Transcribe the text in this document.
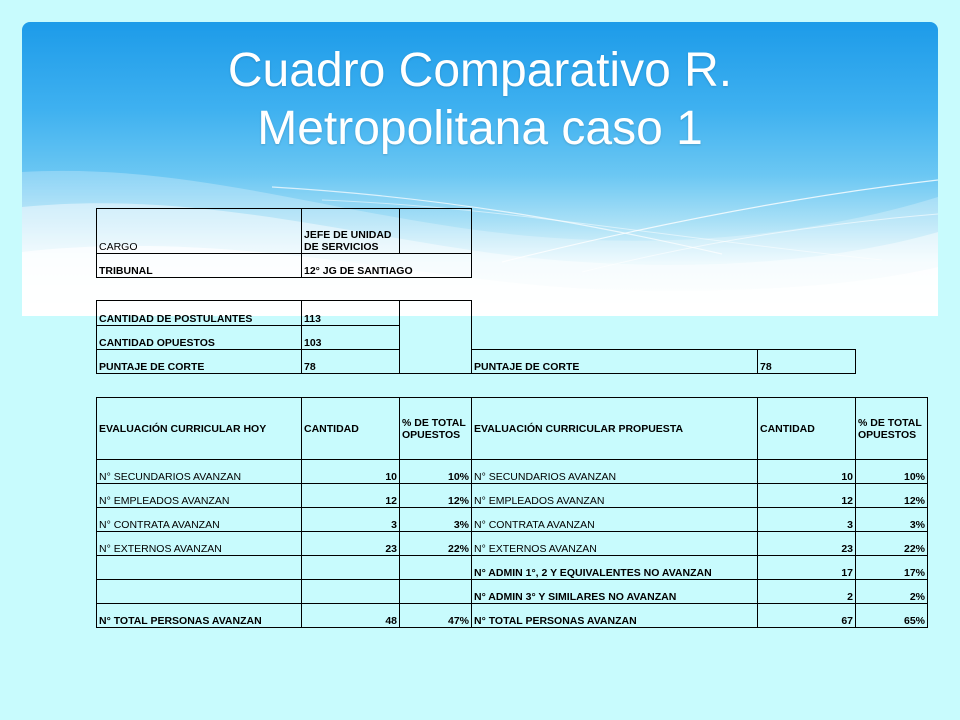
Cuadro Comparativo R.
Metropolitana caso 1
CARGO	JEFE DE UNIDAD DE SERVICIOS	
TRIBUNAL	12° JG DE SANTIAGO	
CANTIDAD DE POSTULANTES	113			
CANTIDAD OPUESTOS	103			
PUNTAJE DE CORTE	78		PUNTAJE DE CORTE	78
EVALUACIÓN CURRICULAR HOY	CANTIDAD	% DE TOTAL OPUESTOS	EVALUACIÓN CURRICULAR PROPUESTA	CANTIDAD	% DE TOTAL OPUESTOS
N° SECUNDARIOS AVANZAN	10	10%	N° SECUNDARIOS AVANZAN	10	10%
N° EMPLEADOS AVANZAN	12	12%	N° EMPLEADOS AVANZAN	12	12%
N° CONTRATA AVANZAN	3	3%	N° CONTRATA AVANZAN	3	3%
N° EXTERNOS AVANZAN	23	22%	N° EXTERNOS AVANZAN	23	22%
			N° ADMIN 1°, 2 Y EQUIVALENTES NO AVANZAN	17	17%
			N° ADMIN 3° Y SIMILARES NO AVANZAN	2	2%
N° TOTAL PERSONAS AVANZAN	48	47%	N° TOTAL PERSONAS AVANZAN	67	65%
